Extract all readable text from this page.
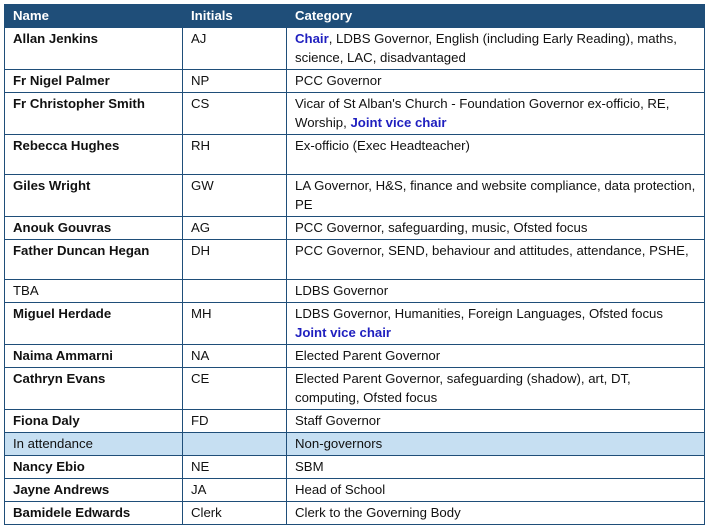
Name	Initials	Category
Allan Jenkins	AJ	Chair, LDBS Governor, English (including Early Reading), maths, science, LAC, disadvantaged
Fr Nigel Palmer	NP	PCC Governor
Fr Christopher Smith	CS	Vicar of St Alban's Church - Foundation Governor ex-officio, RE, Worship, Joint vice chair
Rebecca Hughes	RH	Ex-officio (Exec Headteacher)
Giles Wright	GW	LA Governor, H&S, finance and website compliance, data protection, PE
Anouk Gouvras	AG	PCC Governor, safeguarding, music, Ofsted focus
Father Duncan Hegan	DH	PCC Governor, SEND, behaviour and attitudes, attendance, PSHE,
TBA		LDBS Governor
Miguel Herdade	MH	LDBS Governor, Humanities, Foreign Languages, Ofsted focus Joint vice chair
Naima Ammarni	NA	Elected Parent Governor
Cathryn Evans	CE	Elected Parent Governor, safeguarding (shadow), art, DT, computing, Ofsted focus
Fiona Daly	FD	Staff Governor
In attendance		Non-governors
Nancy Ebio	NE	SBM
Jayne Andrews	JA	Head of School
Bamidele Edwards	Clerk	Clerk to the Governing Body
